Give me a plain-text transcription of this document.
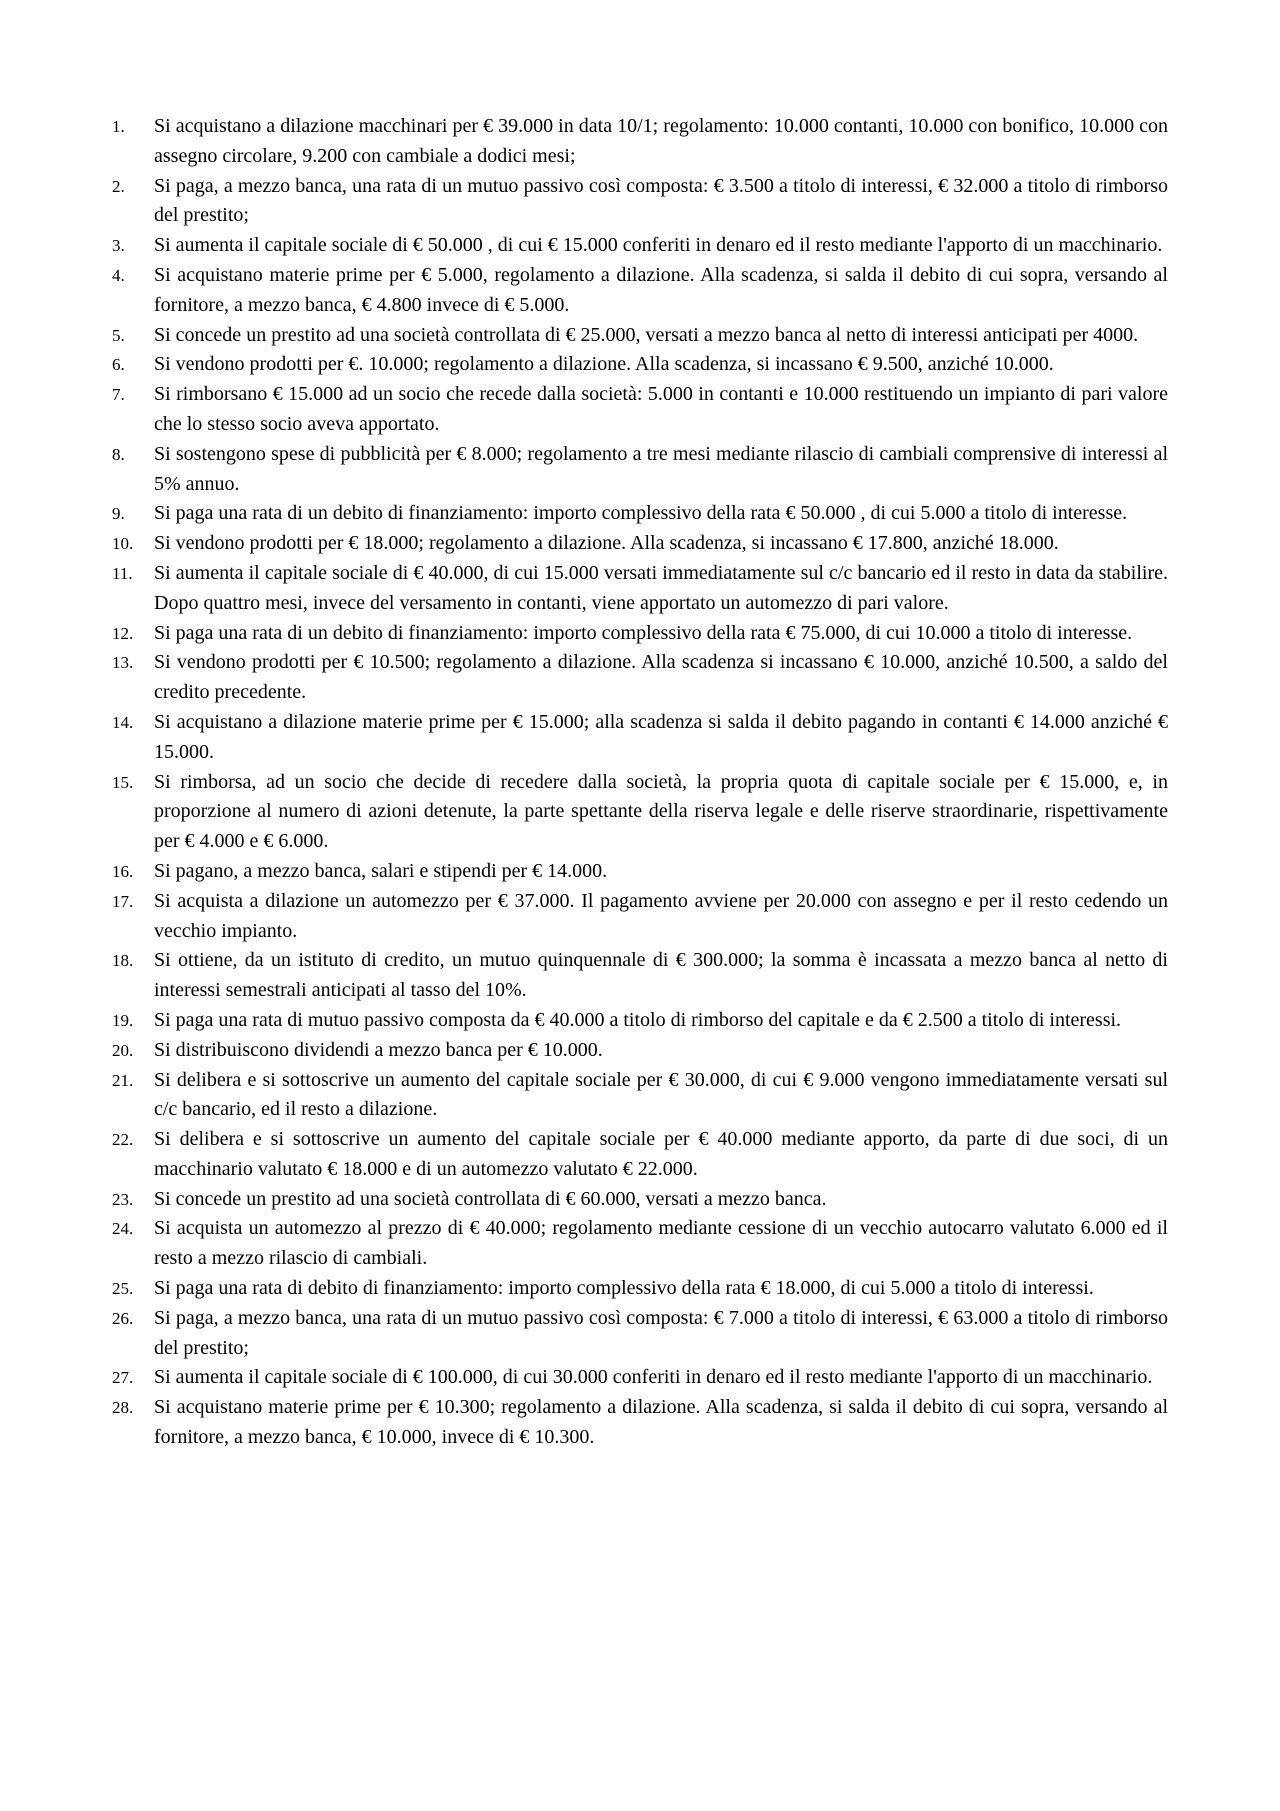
1.	Si acquistano a dilazione macchinari per € 39.000 in data 10/1; regolamento: 10.000 contanti, 10.000 con bonifico, 10.000 con assegno circolare, 9.200 con cambiale a dodici mesi;
2.	Si paga, a mezzo banca, una rata di un mutuo passivo così composta: € 3.500 a titolo di interessi, € 32.000 a titolo di rimborso del prestito;
3.	Si aumenta il capitale sociale di € 50.000 , di cui € 15.000 conferiti in denaro ed il resto mediante l'apporto di un macchinario.
4.	Si acquistano materie prime per € 5.000, regolamento a dilazione. Alla scadenza, si salda il debito di cui sopra, versando al fornitore, a mezzo banca, € 4.800 invece di € 5.000.
5.	Si concede un prestito ad una società controllata di € 25.000, versati a mezzo banca al netto di interessi anticipati per 4000.
6.	Si vendono prodotti per €. 10.000; regolamento a dilazione. Alla scadenza, si incassano € 9.500, anziché 10.000.
7.	Si rimborsano € 15.000 ad un socio che recede dalla società: 5.000 in contanti e 10.000 restituendo un impianto di pari valore che lo stesso socio aveva apportato.
8.	Si sostengono spese di pubblicità per € 8.000; regolamento a tre mesi mediante rilascio di cambiali comprensive di interessi al 5% annuo.
9.	Si paga una rata di un debito di finanziamento: importo complessivo della rata € 50.000 , di cui 5.000 a titolo di interesse.
10.	Si vendono prodotti per € 18.000; regolamento a dilazione. Alla scadenza, si incassano € 17.800, anziché 18.000.
11.	Si aumenta il capitale sociale di € 40.000, di cui 15.000 versati immediatamente sul c/c bancario ed il resto in data da stabilire. Dopo quattro mesi, invece del versamento in contanti, viene apportato un automezzo di pari valore.
12.	Si paga una rata di un debito di finanziamento: importo complessivo della rata € 75.000, di cui 10.000 a titolo di interesse.
13.	Si vendono prodotti per € 10.500; regolamento a dilazione. Alla scadenza si incassano € 10.000, anziché 10.500, a saldo del credito precedente.
14.	Si acquistano a dilazione materie prime per € 15.000; alla scadenza si salda il debito pagando in contanti € 14.000 anziché € 15.000.
15.	Si rimborsa, ad un socio che decide di recedere dalla società, la propria quota di capitale sociale per € 15.000, e, in proporzione al numero di azioni detenute, la parte spettante della riserva legale e delle riserve straordinarie, rispettivamente per € 4.000 e € 6.000.
16.	Si pagano, a mezzo banca, salari e stipendi per € 14.000.
17.	Si acquista a dilazione un automezzo per € 37.000. Il pagamento avviene per 20.000 con assegno e per il resto cedendo un vecchio impianto.
18.	Si ottiene, da un istituto di credito, un mutuo quinquennale di € 300.000; la somma è incassata a mezzo banca al netto di interessi semestrali anticipati al tasso del 10%.
19.	Si paga una rata di mutuo passivo composta da € 40.000 a titolo di rimborso del capitale e da € 2.500 a titolo di interessi.
20.	Si distribuiscono dividendi a mezzo banca per € 10.000.
21.	Si delibera e si sottoscrive un aumento del capitale sociale per € 30.000, di cui € 9.000 vengono immediatamente versati sul c/c bancario, ed il resto a dilazione.
22.	Si delibera e si sottoscrive un aumento del capitale sociale per € 40.000 mediante apporto, da parte di due soci, di un macchinario valutato € 18.000 e di un automezzo valutato € 22.000.
23.	Si concede un prestito ad una società controllata di € 60.000, versati a mezzo banca.
24.	Si acquista un automezzo al prezzo di € 40.000; regolamento mediante cessione di un vecchio autocarro valutato 6.000 ed il resto a mezzo rilascio di cambiali.
25.	Si paga una rata di debito di finanziamento: importo complessivo della rata € 18.000, di cui 5.000 a titolo di interessi.
26.	Si paga, a mezzo banca, una rata di un mutuo passivo così composta: € 7.000 a titolo di interessi, € 63.000 a titolo di rimborso del prestito;
27.	Si aumenta il capitale sociale di € 100.000, di cui 30.000 conferiti in denaro ed il resto mediante l'apporto di un macchinario.
28.	Si acquistano materie prime per € 10.300; regolamento a dilazione. Alla scadenza, si salda il debito di cui sopra, versando al fornitore, a mezzo banca, € 10.000, invece di € 10.300.
